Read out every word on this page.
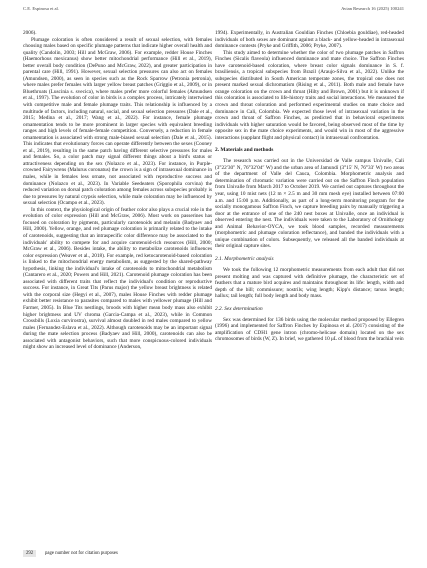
C.E. Espinosa et al.	Avian Research 16 (2025) 100241

2006).

Plumage coloration is often considered a result of sexual selection, with females choosing males based on specific plumage patterns that indicate higher overall health and quality (Candolin, 2003; Hill and McGraw, 2006). For example, redder House Finches (Haemorhous mexicanus) show better mitochondrial performance (Hill et al., 2019), better overall body condition (DePuno and McGraw, 2022), and greater participation in parental care (Hill, 1991). However, sexual selection pressures can also act on females (Amundsen, 2000), as seen in species such as the Rock Sparrow (Petronia petronia), where males prefer females with larger yellow breast patches (Griggio et al., 2009), or in Bluethroats (Luscinia s. svecica), where males prefer more colorful females (Amundsen et al., 1997). The evolution of color in birds is a complex process, intricately intertwined with competitive male and female plumage traits. This relationship is influenced by a multitude of factors, including natural, social, and sexual selection pressures (Dale et al., 2015; Medina et al., 2017; Wang et al., 2022). For instance, female plumage ornamentation tends to be more prominent in larger species with equivalent breeding ranges and high levels of female-female competition. Conversely, a reduction in female ornamentation is associated with strong male-biased sexual selection (Dale et al., 2015). This indicates that evolutionary forces can operate differently between the sexes (Cooney et al., 2019), resulting in the same patch having different selective pressures for males and females. So, a color patch may signal different things about a bird's status or attractiveness depending on the sex (Nolazco et al., 2023). For instance, in Purple-crowned Fairywrens (Malurus coronatus) the crown is a sign of intrasexual dominance in males, while in females less ornate, not associated with reproductive success and dominance (Nolazco et al., 2023). In Variable Seedeaters (Sporophila corvina) the reduced variation on dorsal patch coloration among females across subspecies probably is due to pressures by natural crypsis selection, while male coloration may be influenced by sexual selection (Ocampo et al., 2023).

In this context, the physiological origin of feather color also plays a crucial role in the evolution of color expression (Hill and McGraw, 2006). Most work on passerines has focused on coloration by pigments, particularly carotenoids and melanin (Badyaev and Hill, 2000). Yellow, orange, and red plumage coloration is primarily related to the intake of carotenoids, suggesting that an intraspecific color difference may be associated to the individuals' ability to compete for and acquire carotenoid-rich resources (Hill, 2000; McGraw et al., 2006). Besides intake, the ability to metabolize carotenoids influences color expression (Weaver et al., 2018). For example, red ketocarotenoid-based coloration is linked to the mitochondrial energy metabolism, as suggested by the shared-pathway hypothesis, linking the individual's intake of carotenoids to mitochondrial metabolism (Cantarero et al., 2020; Powers and Hill, 2021). Carotenoid plumage coloration has been associated with different traits that reflect the individual's condition or reproductive success. For instance, in Great Tits (Parus major) the yellow breast brightness is related with the corporal size (Hegyi et al., 2007), males House Finches with redder plumage exhibit better resistance to parasites compared to males with yellower plumage (Hill and Farmer, 2005). In Blue Tits nestlings, broods with higher mean body mass also exhibit higher brightness and UV chroma (Garcia-Campa et al., 2023), while in Common Crossbills (Loxia curvirostra), survival almost doubled in red males compared to yellow males (Fernandez-Eslava et al., 2022). Although carotenoids may be an important signal during the mate selection process (Badyaev and Hill, 2000), carotenoids can also be associated with antagonist behaviors, such that more conspicuous-colored individuals might show an increased level of dominance (Anderson,

1994). Experimentally, in Australian Gouldian Finches (Chloebia gouldiae), red-headed individuals of both sexes are dominant against a black- and yellow-headed in intrasexual dominance contests (Pryke and Griffith, 2006; Pryke, 2007).

This study aimed to determine whether the color of two plumage patches in Saffron Finches (Sicalis flaveola) influenced dominance and mate choice. The Saffron Finches have carotenoid-based coloration, where breast color signals dominance in S. f. brasiliensis, a tropical subspecies from Brazil (Araujo-Silva et al., 2022). Unlike the subspecies distributed in South American temperate zones, the tropical one does not present marked sexual dichromatism (Rising et al., 2011). Both male and female have orange coloration on the crown and throat (Hilty and Brown, 2001) but it is unknown if this coloration is associated to life-history traits and social interactions. We measured the crown and throat coloration and performed experimental studies on mate choice and dominance in Cali, Colombia. We expected those level of intrasexual variation in the crown and throat of Saffron Finches, as predicted that in behavioral experiments individuals with higher saturation would be favored, being observed most of the time by opposite sex in the mate choice experiments, and would win in most of the aggressive interactions (supplant flight and physical contact) in intrasexual confrontation.

2. Materials and methods

The research was carried out in the Universidad de Valle campus Univalle, Cali (3°22′30″ N, 76°32′04″ W) and the urban area of Jamundí (3°15′ N, 76°33′ W) two areas of the department of Valle del Cauca, Colombia. Morphometric analysis and determination of chromatic variation were carried out on the Saffron Finch population from Univalle from March 2017 to October 2019. We carried out captures throughout the year, using 10 mist nets (12 m × 2.5 m and 30 mm mesh eye) installed between 07:00 a.m. and 15:00 p.m. Additionally, as part of a long-term monitoring program for the socially monogamous Saffron Finch, we capture breeding pairs by manually triggering a door at the entrance of one of the 240 nest boxes at Univalle, once an individual is observed entering the nest. The individuals were taken to the Laboratory of Ornithology and Animal Behavior-OYCA, we took blood samples, recorded measurements (morphometric and plumage coloration reflectance), and banded the individuals with a unique combination of colors. Subsequently, we released all the banded individuals at their original capture sites.

2.1. Morphometric analysis

We took the following 12 morphometric measurements from each adult that did not present molting and was captured with definitive plumage, the characteristic set of feathers that a mature bird acquires and maintains throughout its life: length, width and depth of the bill; commissure; nostrils; wing length; Kipp's distance; tarsus length; hallux; tail length; full body length and body mass.

2.2. Sex determination

Sex was determined for 136 birds using the molecular method proposed by Ellegren (1996) and implemented for Saffron Finches by Espinosa et al. (2017) consisting of the amplification of CDH1 gene intron (chromo-helicase domain) located on the sex chromosomes of birds (W, Z). In brief, we gathered 10 μL of blood from the brachial vein

292	page number not for citation purposes
